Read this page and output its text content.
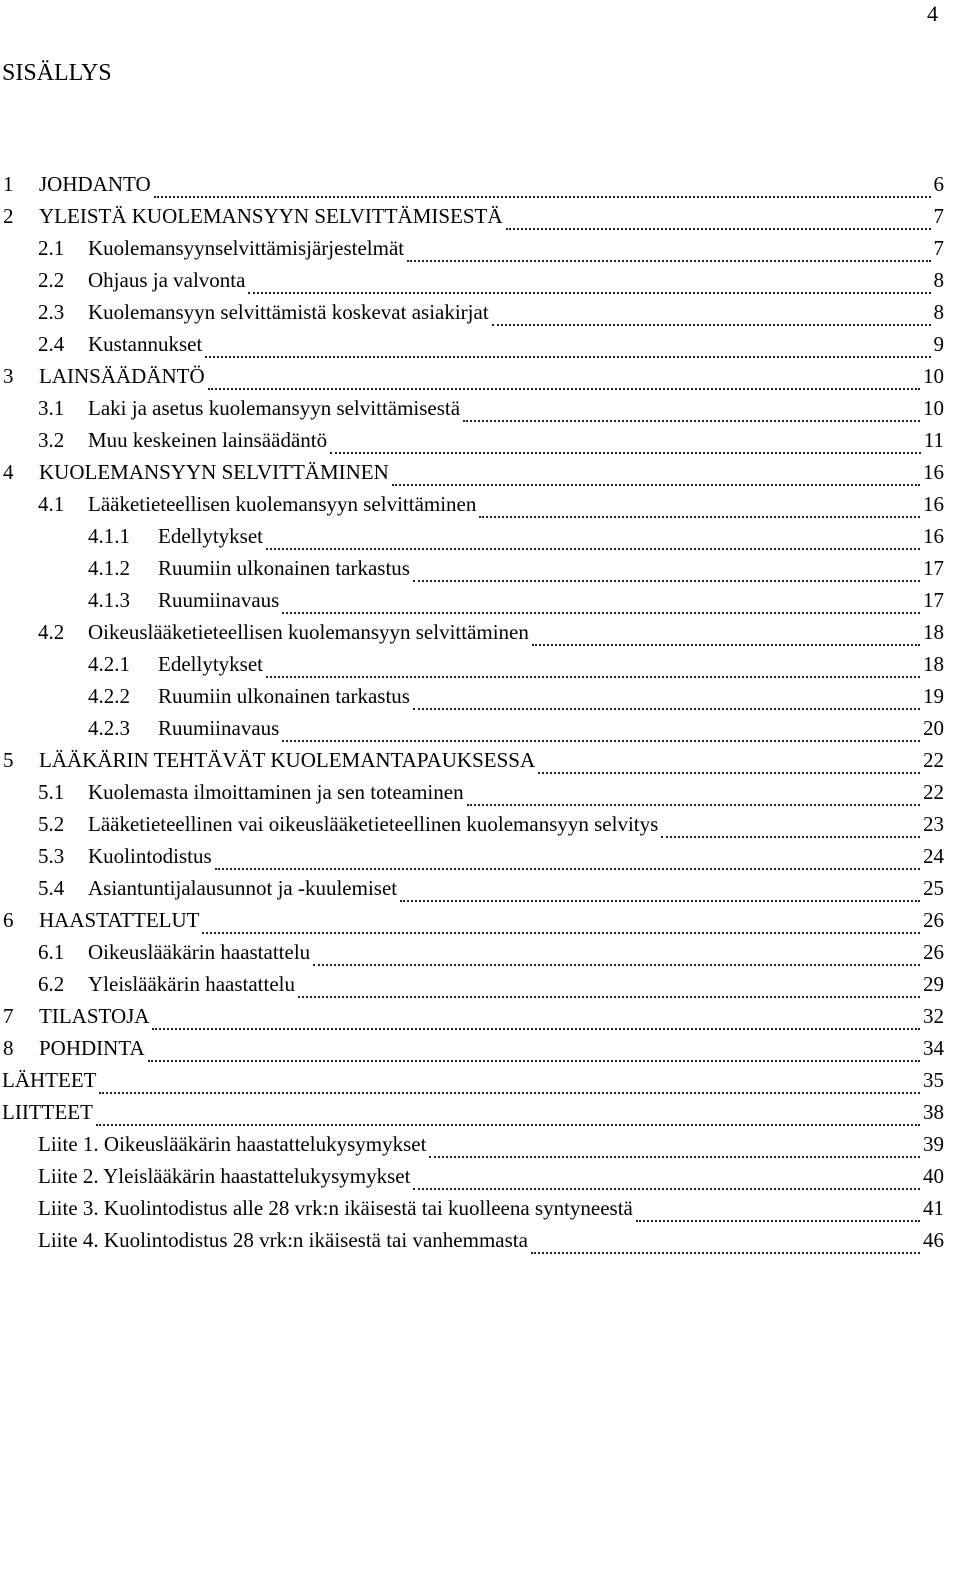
4
SISÄLLYS
1	JOHDANTO	6
2	YLEISTÄ KUOLEMANSYYN SELVITTÄMISESTÄ	7
2.1	Kuolemansyynselvittämisjärjestelmät	7
2.2	Ohjaus ja valvonta	8
2.3	Kuolemansyyn selvittämistä koskevat asiakirjat	8
2.4	Kustannukset	9
3	LAINSÄÄDÄNTÖ	10
3.1	Laki ja asetus kuolemansyyn selvittämisestä	10
3.2	Muu keskeinen lainsäädäntö	11
4	KUOLEMANSYYN SELVITTÄMINEN	16
4.1	Lääketieteellisen kuolemansyyn selvittäminen	16
4.1.1	Edellytykset	16
4.1.2	Ruumiin ulkonainen tarkastus	17
4.1.3	Ruumiinavaus	17
4.2	Oikeuslääketieteellisen kuolemansyyn selvittäminen	18
4.2.1	Edellytykset	18
4.2.2	Ruumiin ulkonainen tarkastus	19
4.2.3	Ruumiinavaus	20
5	LÄÄKÄRIN TEHTÄVÄT KUOLEMANTAPAUKSESSA	22
5.1	Kuolemasta ilmoittaminen ja sen toteaminen	22
5.2	Lääketieteellinen vai oikeuslääketieteellinen kuolemansyyn selvitys	23
5.3	Kuolintodistus	24
5.4	Asiantuntijalausunnot ja -kuulemiset	25
6	HAASTATTELUT	26
6.1	Oikeuslääkärin haastattelu	26
6.2	Yleislääkärin haastattelu	29
7	TILASTOJA	32
8	POHDINTA	34
LÄHTEET	35
LIITTEET	38
Liite 1. Oikeuslääkärin haastattelukysymykset	39
Liite 2. Yleislääkärin haastattelukysymykset	40
Liite 3. Kuolintodistus alle 28 vrk:n ikäisestä tai kuolleena syntyneestä	41
Liite 4. Kuolintodistus 28 vrk:n ikäisestä tai vanhemmasta	46
